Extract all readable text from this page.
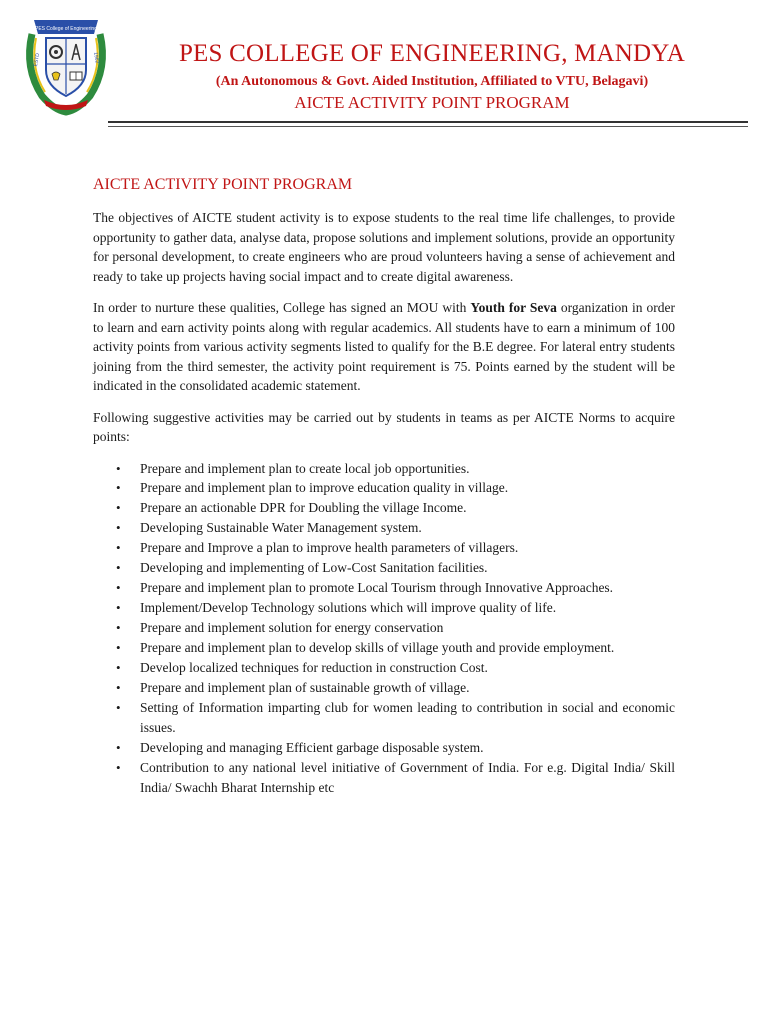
PES College of Engineering
ESTD	1962	PES COLLEGE OF ENGINEERING, MANDYA
(An Autonomous & Govt. Aided Institution, Affiliated to VTU, Belagavi)
AICTE ACTIVITY POINT PROGRAM
AICTE ACTIVITY POINT PROGRAM

The objectives of AICTE student activity is to expose students to the real time life challenges, to provide opportunity to gather data, analyse data, propose solutions and implement solutions, provide an opportunity for personal development, to create engineers who are proud volunteers having a sense of achievement and ready to take up projects having social impact and to create digital awareness.

In order to nurture these qualities, College has signed an MOU with Youth for Seva organization in order to learn and earn activity points along with regular academics. All students have to earn a minimum of 100 activity points from various activity segments listed to qualify for the B.E degree. For lateral entry students joining from the third semester, the activity point requirement is 75. Points earned by the student will be indicated in the consolidated academic statement.

Following suggestive activities may be carried out by students in teams as per AICTE Norms to acquire points:

• Prepare and implement plan to create local job opportunities.
• Prepare and implement plan to improve education quality in village.
• Prepare an actionable DPR for Doubling the village Income.
• Developing Sustainable Water Management system.
• Prepare and Improve a plan to improve health parameters of villagers.
• Developing and implementing of Low-Cost Sanitation facilities.
• Prepare and implement plan to promote Local Tourism through Innovative Approaches.
• Implement/Develop Technology solutions which will improve quality of life.
• Prepare and implement solution for energy conservation
• Prepare and implement plan to develop skills of village youth and provide employment.
• Develop localized techniques for reduction in construction Cost.
• Prepare and implement plan of sustainable growth of village.
• Setting of Information imparting club for women leading to contribution in social and economic issues.
• Developing and managing Efficient garbage disposable system.
• Contribution to any national level initiative of Government of India. For e.g. Digital India/ Skill India/ Swachh Bharat Internship etc
